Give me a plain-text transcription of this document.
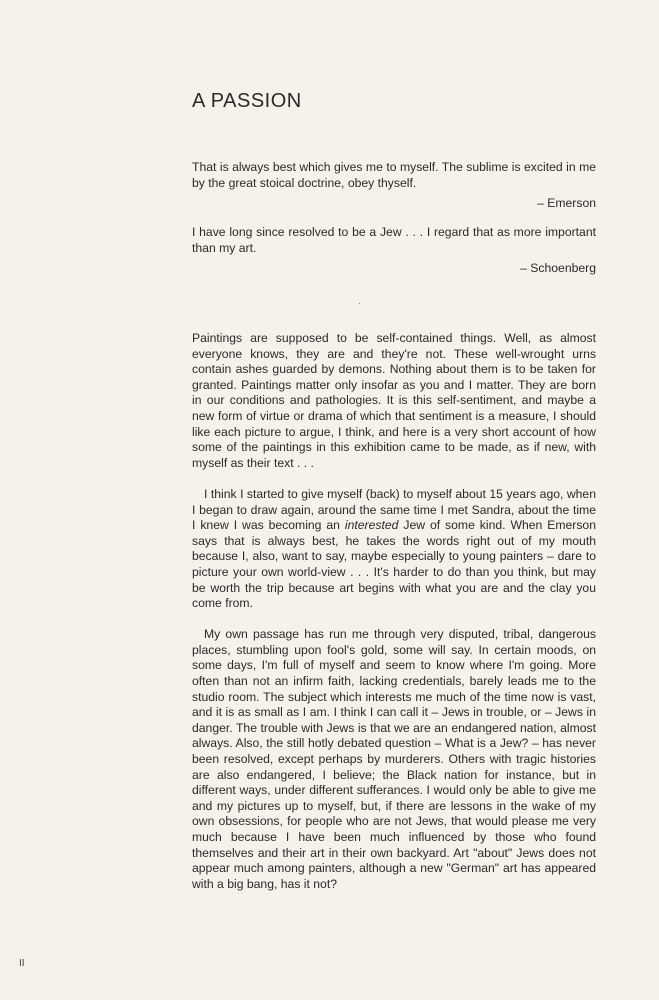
A PASSION

That is always best which gives me to myself. The sublime is excited in me by the great stoical doctrine, obey thyself.

– Emerson

I have long since resolved to be a Jew . . . I regard that as more important than my art.

– Schoenberg

·

Paintings are supposed to be self-contained things. Well, as almost everyone knows, they are and they're not. These well-wrought urns contain ashes guarded by demons. Nothing about them is to be taken for granted. Paintings matter only insofar as you and I matter. They are born in our conditions and pathologies. It is this self-sentiment, and maybe a new form of virtue or drama of which that sentiment is a measure, I should like each picture to argue, I think, and here is a very short account of how some of the paintings in this exhibition came to be made, as if new, with myself as their text . . .

I think I started to give myself (back) to myself about 15 years ago, when I began to draw again, around the same time I met Sandra, about the time I knew I was becoming an interested Jew of some kind. When Emerson says that is always best, he takes the words right out of my mouth because I, also, want to say, maybe especially to young painters – dare to picture your own world-view . . . It's harder to do than you think, but may be worth the trip because art begins with what you are and the clay you come from.

My own passage has run me through very disputed, tribal, dangerous places, stumbling upon fool's gold, some will say. In certain moods, on some days, I'm full of myself and seem to know where I'm going. More often than not an infirm faith, lacking credentials, barely leads me to the studio room. The subject which interests me much of the time now is vast, and it is as small as I am. I think I can call it – Jews in trouble, or – Jews in danger. The trouble with Jews is that we are an endangered nation, almost always. Also, the still hotly debated question – What is a Jew? – has never been resolved, except perhaps by murderers. Others with tragic histories are also endangered, I believe; the Black nation for instance, but in different ways, under different sufferances. I would only be able to give me and my pictures up to myself, but, if there are lessons in the wake of my own obsessions, for people who are not Jews, that would please me very much because I have been much influenced by those who found themselves and their art in their own backyard. Art "about" Jews does not appear much among painters, although a new "German" art has appeared with a big bang, has it not?

II
